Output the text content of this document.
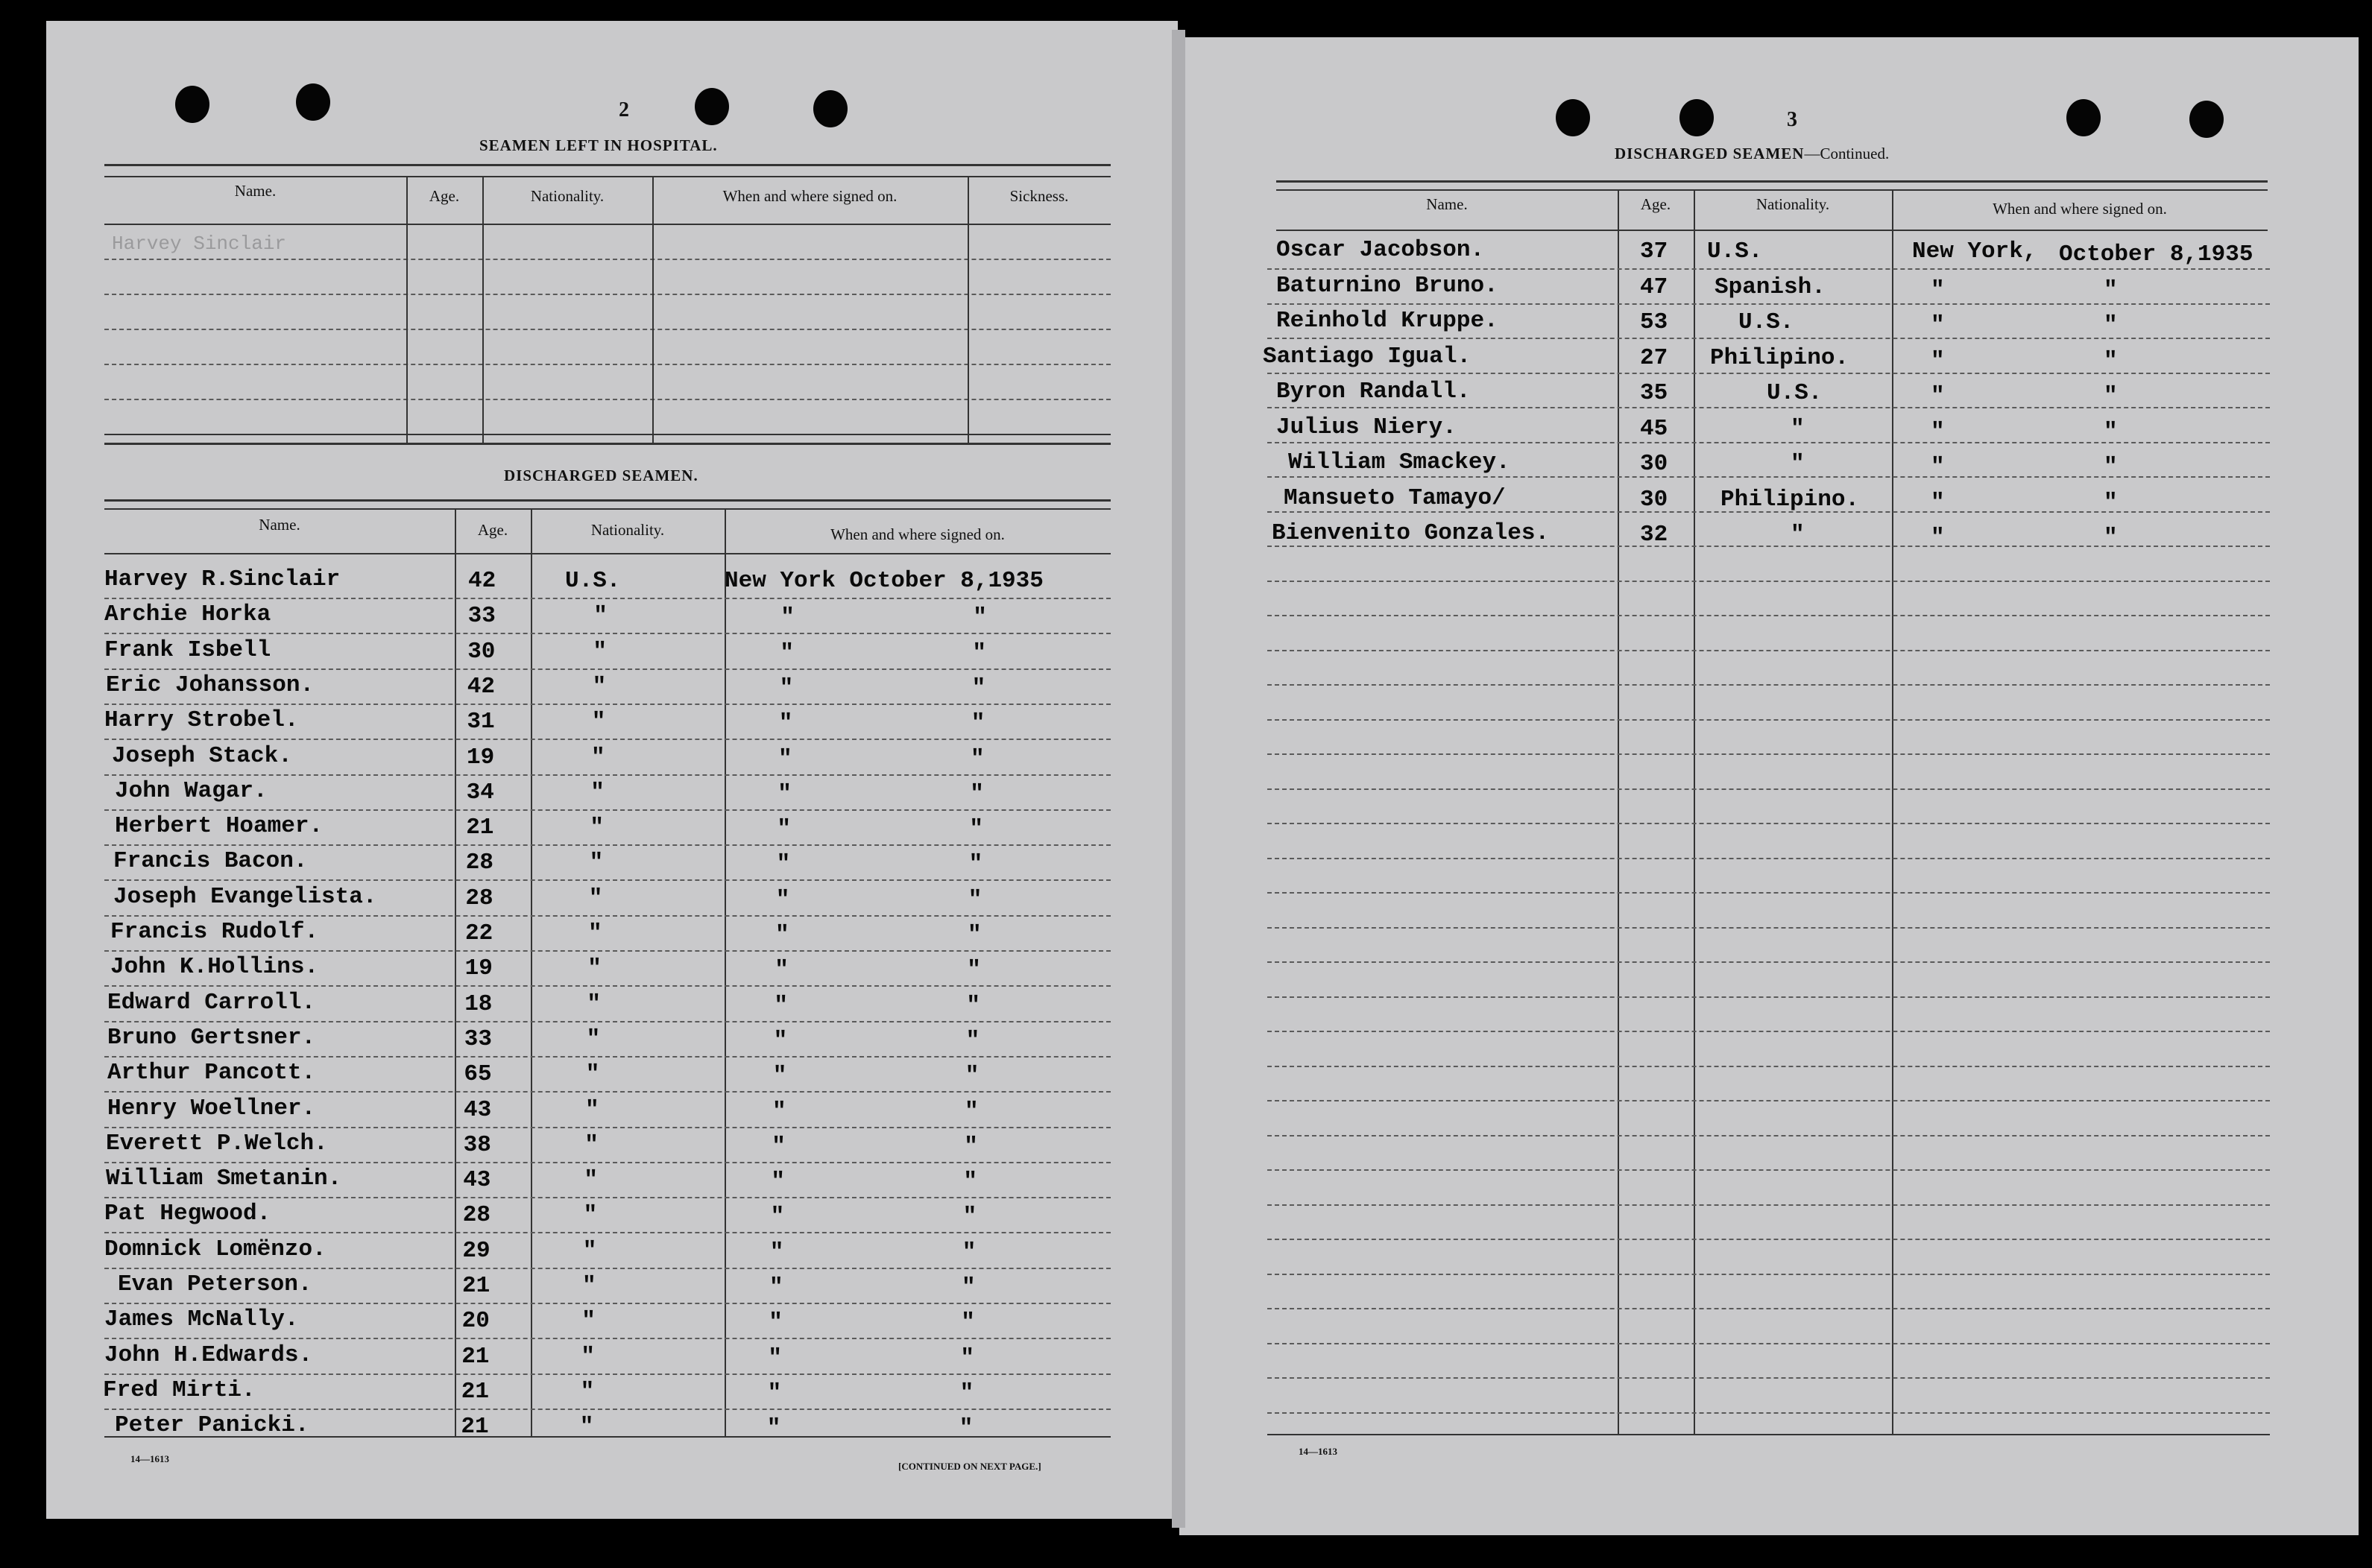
2
SEAMEN LEFT IN HOSPITAL.
Name.	Age.	Nationality.	When and where signed on.	Sickness.
Harvey Sinclair
DISCHARGED SEAMEN.
Name.	Age.	Nationality.	When and where signed on.
Harvey R.Sinclair	42	U.S.	New York October 8,1935
Archie Horka	33	"	"	"
Frank Isbell	30	"	"	"
Eric Johansson.	42	"	"	"
Harry Strobel.	31	"	"	"
Joseph Stack.	19	"	"	"
John Wagar.	34	"	"	"
Herbert Hoamer.	21	"	"	"
Francis Bacon.	28	"	"	"
Joseph Evangelista.	28	"	"	"
Francis Rudolf.	22	"	"	"
John K.Hollins.	19	"	"	"
Edward Carroll.	18	"	"	"
Bruno Gertsner.	33	"	"	"
Arthur Pancott.	65	"	"	"
Henry Woellner.	43	"	"	"
Everett P.Welch.	38	"	"	"
William Smetanin.	43	"	"	"
Pat Hegwood.	28	"	"	"
Domnick Lomënzo.	29	"	"	"
Evan Peterson.	21	"	"	"
James McNally.	20	"	"	"
John H.Edwards.	21	"	"	"
Fred Mirti.	21	"	"	"
Peter Panicki.	21	"	"	"
14—1613
[CONTINUED ON NEXT PAGE.]
3
DISCHARGED SEAMEN—Continued.
Name.	Age.	Nationality.	When and where signed on.
Oscar Jacobson.	37 U.S.	New York, October 8,1935
Baturnino Bruno.	47 Spanish.	"	"
Reinhold Kruppe.	53	U.S.	"	"
Santiago Igual.	27 Philipino.	"	"
Byron Randall.	35	U.S.	"	"
Julius Niery.	45	"	"	"
William Smackey.	30	"	"	"
Mansueto Tamayo/	30 Philipino.	"	"
Bienvenito Gonzales.	32	"	"	"
14—1613
